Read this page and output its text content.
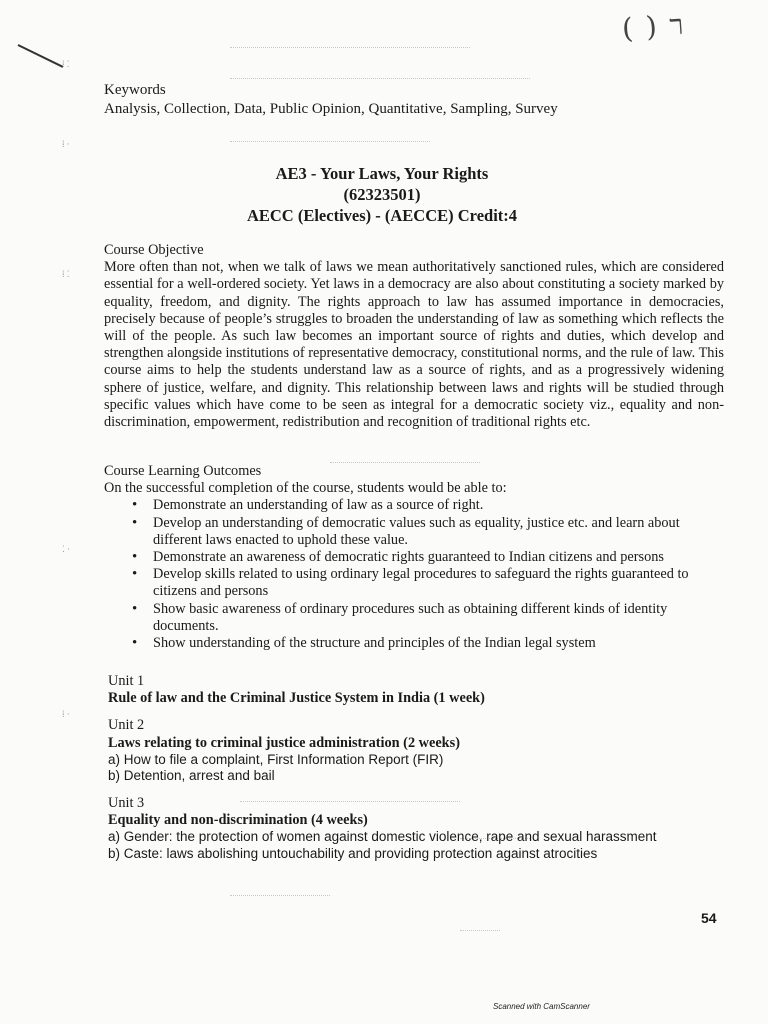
( ) ר
⁞ ⁚
⁞ ·
⁞ ⁚
⁚ ·
⁞ ·
Keywords
Analysis, Collection, Data, Public Opinion, Quantitative, Sampling, Survey
AE3 - Your Laws, Your Rights
(62323501)
AECC (Electives) - (AECCE) Credit:4
Course Objective
More often than not, when we talk of laws we mean authoritatively sanctioned rules, which are considered essential for a well-ordered society. Yet laws in a democracy are also about constituting a society marked by equality, freedom, and dignity. The rights approach to law has assumed importance in democracies, precisely because of people’s struggles to broaden the understanding of law as something which reflects the will of the people. As such law becomes an important source of rights and duties, which develop and strengthen alongside institutions of representative democracy, constitutional norms, and the rule of law. This course aims to help the students understand law as a source of rights, and as a progressively widening sphere of justice, welfare, and dignity. This relationship between laws and rights will be studied through specific values which have come to be seen as integral for a democratic society viz., equality and non-discrimination, empowerment, redistribution and recognition of traditional rights etc.
Course Learning Outcomes
On the successful completion of the course, students would be able to:
• Demonstrate an understanding of law as a source of right.
• Develop an understanding of democratic values such as equality, justice etc. and learn about different laws enacted to uphold these value.
• Demonstrate an awareness of democratic rights guaranteed to Indian citizens and persons
• Develop skills related to using ordinary legal procedures to safeguard the rights guaranteed to citizens and persons
• Show basic awareness of ordinary procedures such as obtaining different kinds of identity documents.
• Show understanding of the structure and principles of the Indian legal system
Unit 1
Rule of law and the Criminal Justice System in India (1 week)
Unit 2
Laws relating to criminal justice administration (2 weeks)
a) How to file a complaint, First Information Report (FIR)
b) Detention, arrest and bail
Unit 3
Equality and non-discrimination (4 weeks)
a) Gender: the protection of women against domestic violence, rape and sexual harassment
b) Caste: laws abolishing untouchability and providing protection against atrocities
54
Scanned with CamScanner
